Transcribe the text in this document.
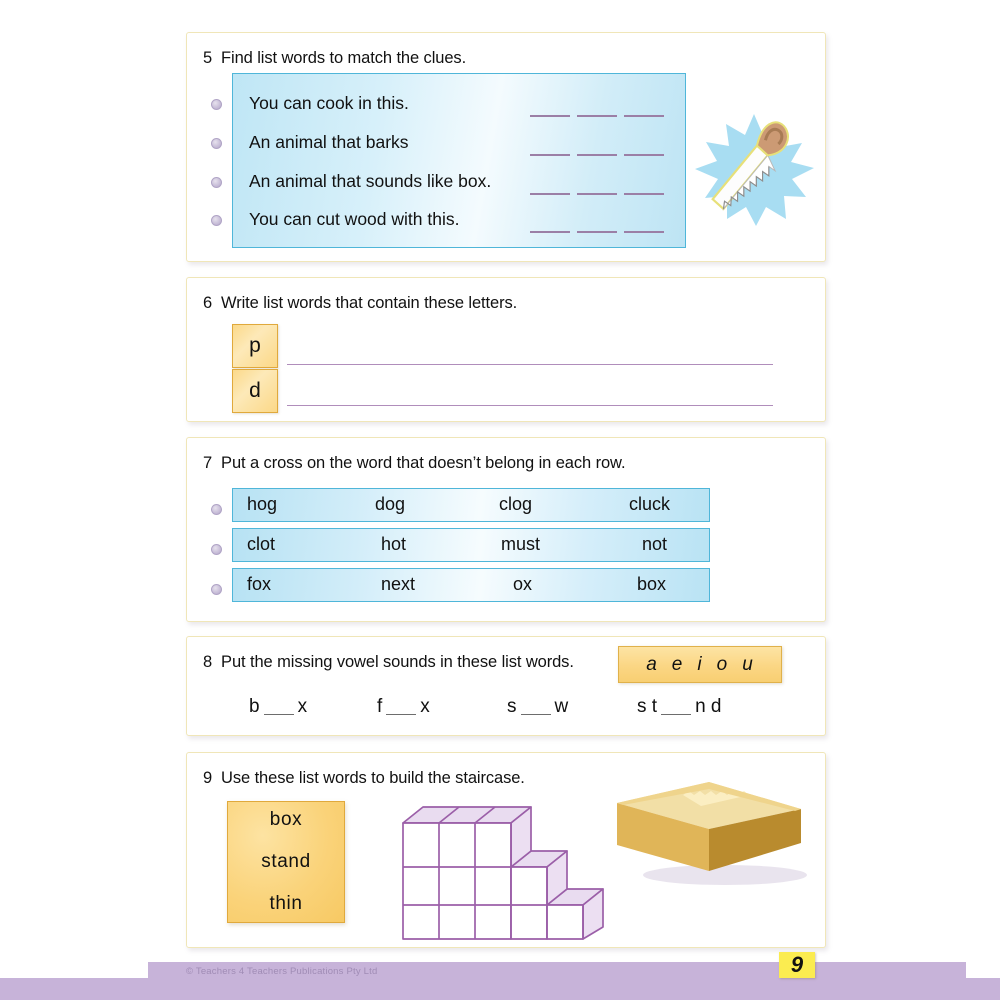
5 Find list words to match the clues.
You can cook in this.
An animal that barks
An animal that sounds like box.
You can cut wood with this.
6 Write list words that contain these letters.
p
d
7 Put a cross on the word that doesn’t belong in each row.
hog	dog	clog	cluck
clot	hot	must	not
fox	next	ox	box
8 Put the missing vowel sounds in these list words.	a e i o u
b x	f x	s w	s t n d
9 Use these list words to build the staircase.
box
stand
thin
© Teachers 4 Teachers Publications Pty Ltd	9
